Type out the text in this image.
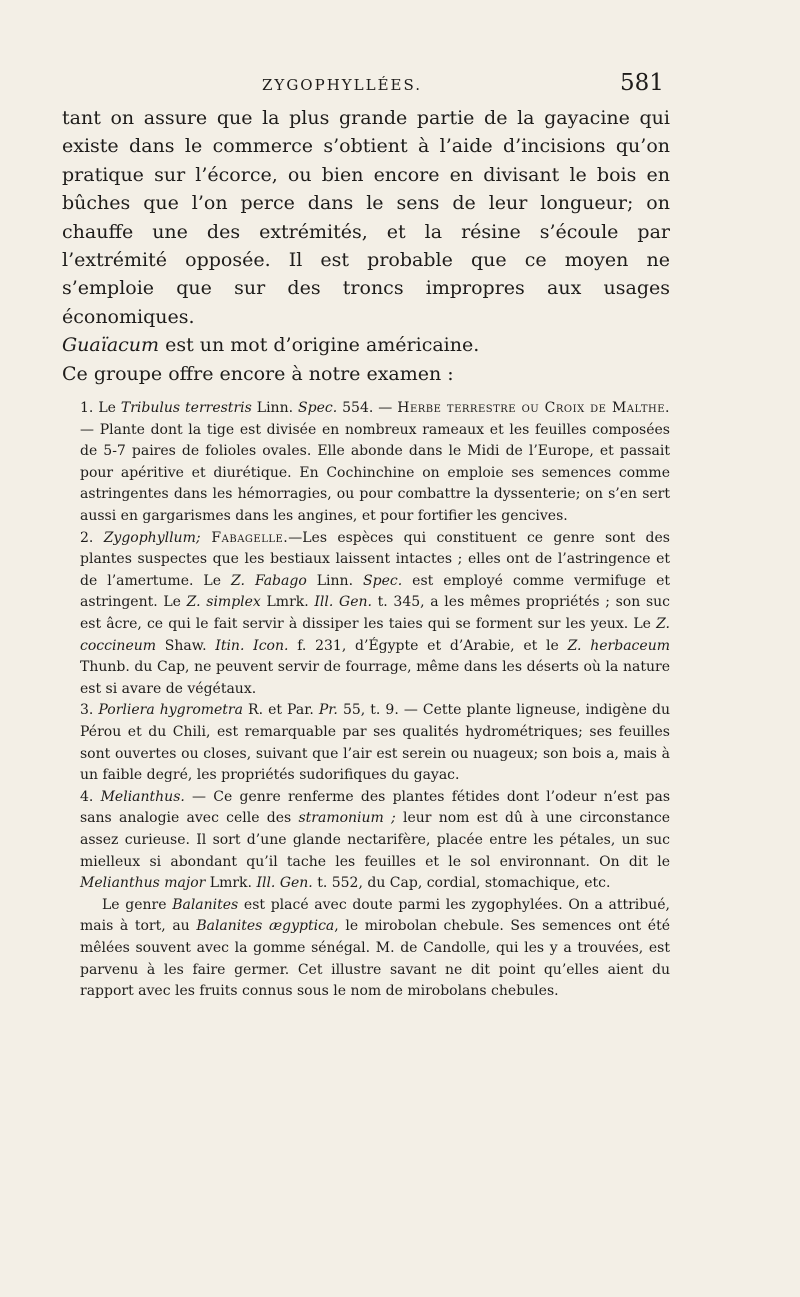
ZYGOPHYLLÉES.	581

tant on assure que la plus grande partie de la gayacine qui existe dans le commerce s’obtient à l’aide d’incisions qu’on pratique sur l’écorce, ou bien encore en divisant le bois en bûches que l’on perce dans le sens de leur longueur; on chauffe une des extrémités, et la résine s’écoule par l’extrémité opposée. Il est probable que ce moyen ne s’emploie que sur des troncs impropres aux usages économiques.

Guaïacum est un mot d’origine américaine.

Ce groupe offre encore à notre examen :

1. Le Tribulus terrestris Linn. Spec. 554. — Herbe terrestre ou Croix de Malthe.— Plante dont la tige est divisée en nombreux rameaux et les feuilles composées de 5-7 paires de folioles ovales. Elle abonde dans le Midi de l’Europe, et passait pour apéritive et diurétique. En Cochinchine on emploie ses semences comme astringentes dans les hémorragies, ou pour combattre la dyssenterie; on s’en sert aussi en gargarismes dans les angines, et pour fortifier les gencives.

2. Zygophyllum; Fabagelle.—Les espèces qui constituent ce genre sont des plantes suspectes que les bestiaux laissent intactes ; elles ont de l’astringence et de l’amertume. Le Z. Fabago Linn. Spec. est employé comme vermifuge et astringent. Le Z. simplex Lmrk. Ill. Gen. t. 345, a les mêmes propriétés ; son suc est âcre, ce qui le fait servir à dissiper les taies qui se forment sur les yeux. Le Z. coccineum Shaw. Itin. Icon. f. 231, d’Égypte et d’Arabie, et le Z. herbaceum Thunb. du Cap, ne peuvent servir de fourrage, même dans les déserts où la nature est si avare de végétaux.

3. Porliera hygrometra R. et Par. Pr. 55, t. 9. — Cette plante ligneuse, indigène du Pérou et du Chili, est remarquable par ses qualités hydrométriques; ses feuilles sont ouvertes ou closes, suivant que l’air est serein ou nuageux; son bois a, mais à un faible degré, les propriétés sudorifiques du gayac.

4. Melianthus. — Ce genre renferme des plantes fétides dont l’odeur n’est pas sans analogie avec celle des stramonium ; leur nom est dû à une circonstance assez curieuse. Il sort d’une glande nectarifère, placée entre les pétales, un suc mielleux si abondant qu’il tache les feuilles et le sol environnant. On dit le Melianthus major Lmrk. Ill. Gen. t. 552, du Cap, cordial, stomachique, etc.

Le genre Balanites est placé avec doute parmi les zygophylées. On a attribué, mais à tort, au Balanites ægyptica, le mirobolan chebule. Ses semences ont été mêlées souvent avec la gomme sénégal. M. de Candolle, qui les y a trouvées, est parvenu à les faire germer. Cet illustre savant ne dit point qu’elles aient du rapport avec les fruits connus sous le nom de mirobolans chebules.
